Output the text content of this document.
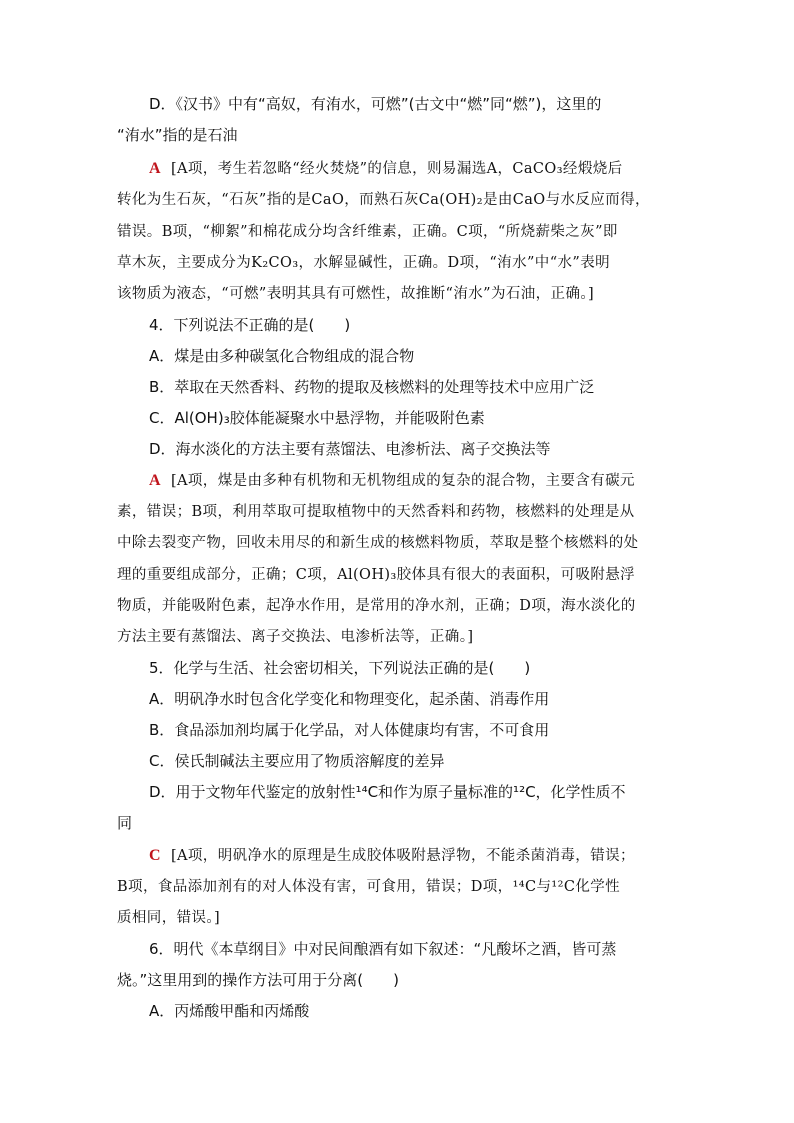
D．《汉书》中有“高奴，有洧水，可燃”(古文中“燃”同“燃”)，这里的
“洧水”指的是石油
A [A项，考生若忽略“经火焚烧”的信息，则易漏选A，CaCO₃经煅烧后
转化为生石灰，“石灰”指的是CaO，而熟石灰Ca(OH)₂是由CaO与水反应而得，
错误。B项，“柳絮”和棉花成分均含纤维素，正确。C项，“所烧薪柴之灰”即
草木灰，主要成分为K₂CO₃，水解显碱性，正确。D项，“洧水”中“水”表明
该物质为液态，“可燃”表明其具有可燃性，故推断“洧水”为石油，正确。]
4．下列说法不正确的是(　　)
A．煤是由多种碳氢化合物组成的混合物
B．萃取在天然香料、药物的提取及核燃料的处理等技术中应用广泛
C．Al(OH)₃胶体能凝聚水中悬浮物，并能吸附色素
D．海水淡化的方法主要有蒸馏法、电渗析法、离子交换法等
A [A项，煤是由多种有机物和无机物组成的复杂的混合物，主要含有碳元
素，错误；B项，利用萃取可提取植物中的天然香料和药物，核燃料的处理是从
中除去裂变产物，回收未用尽的和新生成的核燃料物质，萃取是整个核燃料的处
理的重要组成部分，正确；C项，Al(OH)₃胶体具有很大的表面积，可吸附悬浮
物质，并能吸附色素，起净水作用，是常用的净水剂，正确；D项，海水淡化的
方法主要有蒸馏法、离子交换法、电渗析法等，正确。]
5．化学与生活、社会密切相关，下列说法正确的是(　　)
A．明矾净水时包含化学变化和物理变化，起杀菌、消毒作用
B．食品添加剂均属于化学品，对人体健康均有害，不可食用
C．侯氏制碱法主要应用了物质溶解度的差异
D．用于文物年代鉴定的放射性¹⁴C和作为原子量标准的¹²C，化学性质不
同
C [A项，明矾净水的原理是生成胶体吸附悬浮物，不能杀菌消毒，错误；
B项，食品添加剂有的对人体没有害，可食用，错误；D项，¹⁴C与¹²C化学性
质相同，错误。]
6．明代《本草纲目》中对民间酿酒有如下叙述：“凡酸坏之酒，皆可蒸
烧。”这里用到的操作方法可用于分离(　　)
A．丙烯酸甲酯和丙烯酸
